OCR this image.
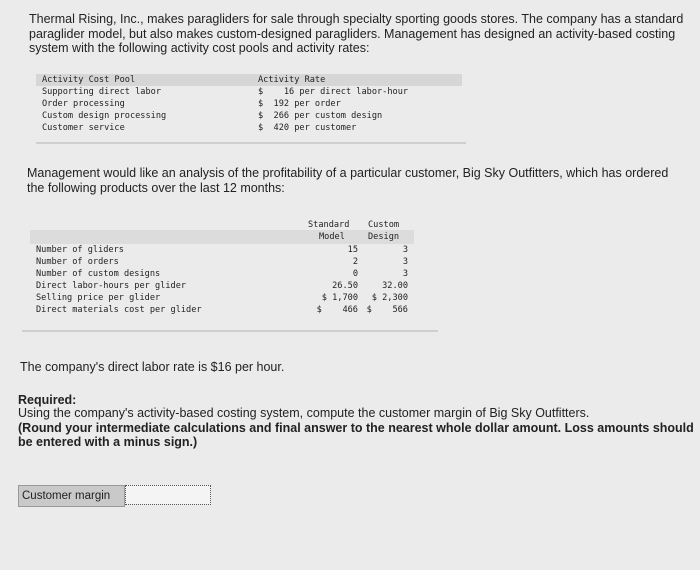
Thermal Rising, Inc., makes paragliders for sale through specialty sporting goods stores. The company has a standard paraglider model, but also makes custom-designed paragliders. Management has designed an activity-based costing system with the following activity cost pools and activity rates:
Activity Cost Pool	Activity Rate
Supporting direct labor	$    16 per direct labor-hour
Order processing	$  192 per order
Custom design processing	$  266 per custom design
Customer service	$  420 per customer
Management would like an analysis of the profitability of a particular customer, Big Sky Outfitters, which has ordered the following products over the last 12 months:
Standard Custom
Model	Design
Number of gliders	15	3
Number of orders	2	3
Number of custom designs	0	3
Direct labor-hours per glider	26.50	32.00
Selling price per glider	$ 1,700	$ 2,300
Direct materials cost per glider	$    466 $    566
The company's direct labor rate is $16 per hour.
Required:
Using the company's activity-based costing system, compute the customer margin of Big Sky Outfitters.
(Round your intermediate calculations and final answer to the nearest whole dollar amount. Loss amounts should be entered with a minus sign.)
Customer margin
